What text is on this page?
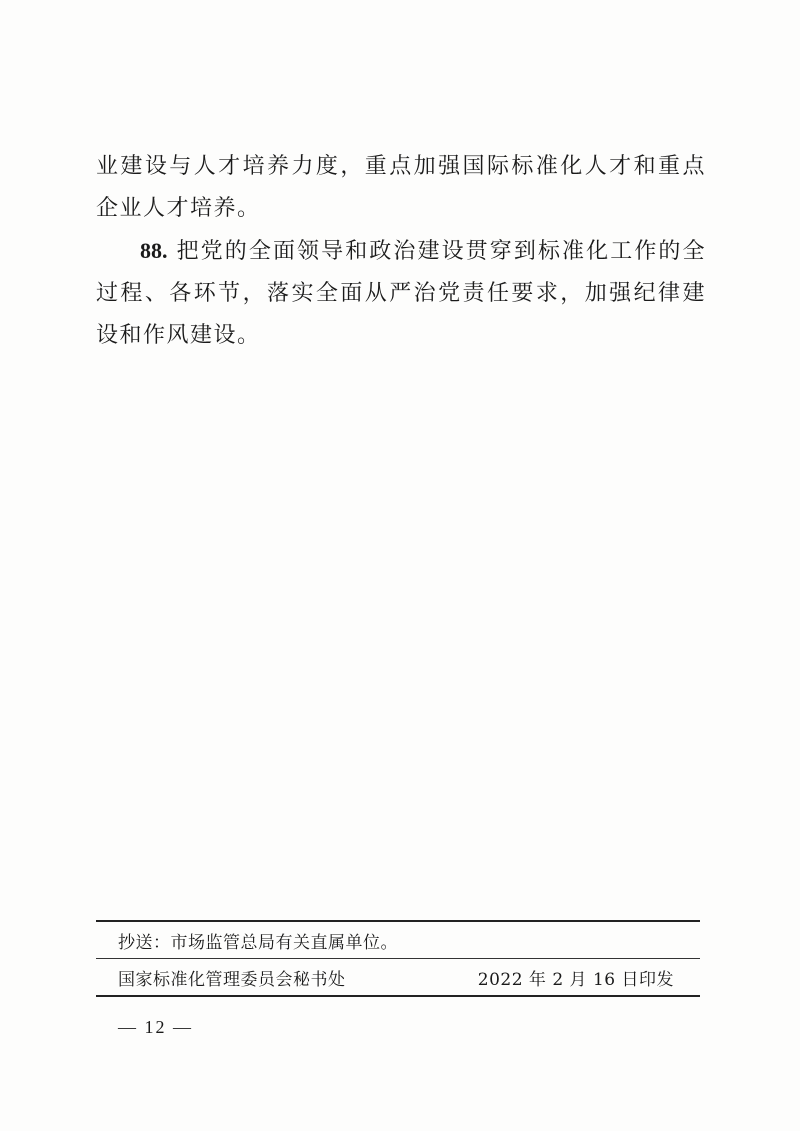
业建设与人才培养力度，重点加强国际标准化人才和重点企业人才培养。

88. 把党的全面领导和政治建设贯穿到标准化工作的全过程、各环节，落实全面从严治党责任要求，加强纪律建设和作风建设。

抄送：市场监管总局有关直属单位。
国家标准化管理委员会秘书处	2022 年 2 月 16 日印发
— 12 —
